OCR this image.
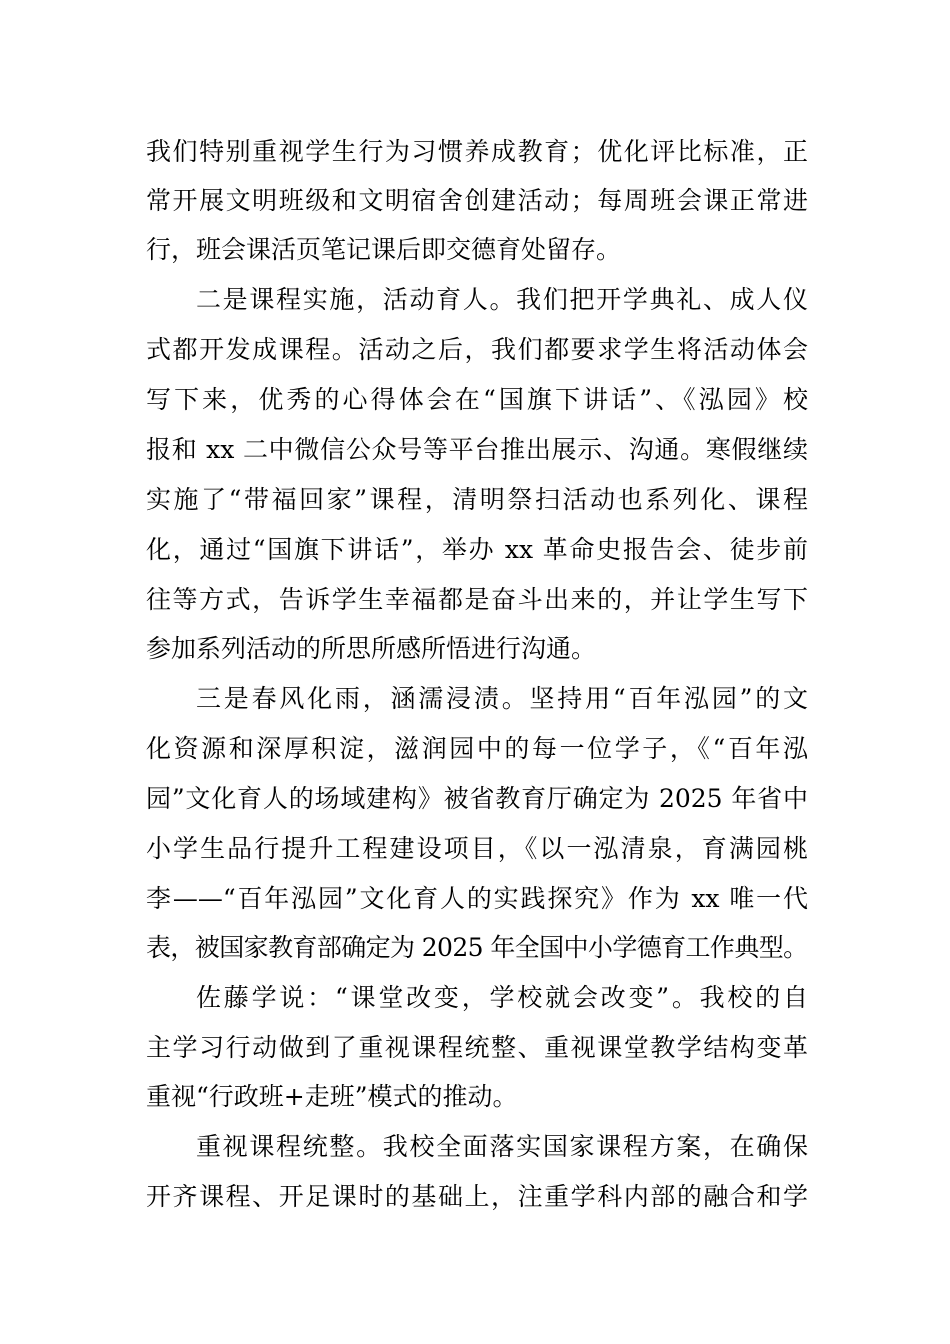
我们特别重视学生行为习惯养成教育；优化评比标准，正
常开展文明班级和文明宿舍创建活动；每周班会课正常进
行，班会课活页笔记课后即交德育处留存。
二是课程实施，活动育人。我们把开学典礼、成人仪
式都开发成课程。活动之后，我们都要求学生将活动体会
写下来，优秀的心得体会在“国旗下讲话”、《泓园》校
报和 xx 二中微信公众号等平台推出展示、沟通。寒假继续
实施了“带福回家”课程，清明祭扫活动也系列化、课程
化，通过“国旗下讲话”，举办 xx 革命史报告会、徒步前
往等方式，告诉学生幸福都是奋斗出来的，并让学生写下
参加系列活动的所思所感所悟进行沟通。
三是春风化雨，涵濡浸渍。坚持用“百年泓园”的文
化资源和深厚积淀，滋润园中的每一位学子，《“百年泓
园”文化育人的场域建构》被省教育厅确定为 2025 年省中
小学生品行提升工程建设项目，《以一泓清泉，育满园桃
李——“百年泓园”文化育人的实践探究》作为 xx 唯一代
表，被国家教育部确定为 2025 年全国中小学德育工作典型。
佐藤学说：“课堂改变，学校就会改变”。我校的自
主学习行动做到了重视课程统整、重视课堂教学结构变革
重视“行政班+走班”模式的推动。
重视课程统整。我校全面落实国家课程方案，在确保
开齐课程、开足课时的基础上，注重学科内部的融合和学
